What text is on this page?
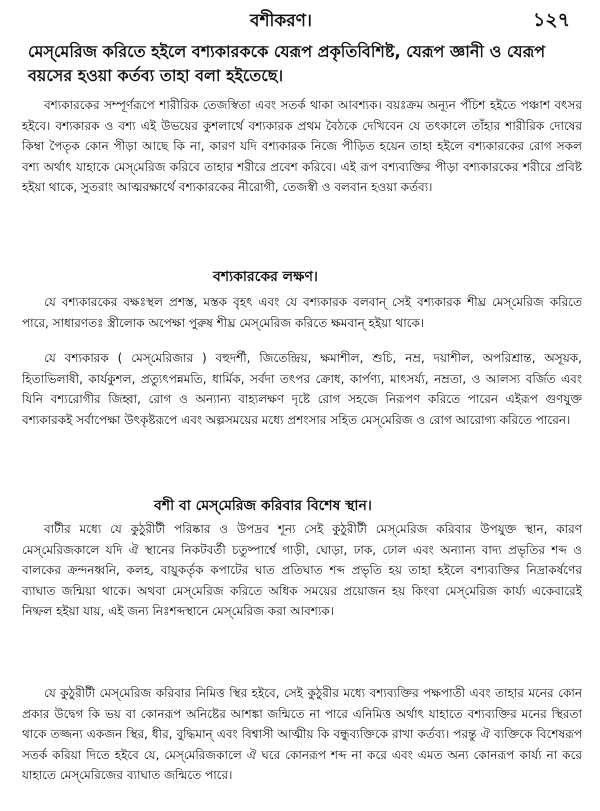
বশীকরণ।	১২৭
মেস্‌মেরিজ করিতে হইলে বশ্যকারককে যেরূপ প্রকৃতিবিশিষ্ট, যেরূপ জ্ঞানী ও যেরূপ বয়সের হওয়া কর্তব্য তাহা বলা হইতেছে।
বশ্যকারকের সম্পূর্ণরূপে শারীরিক তেজস্বিতা এবং সতর্ক থাকা আবশ্যক। বয়ঃক্রম অন্যূন পঁচিশ হইতে পঞ্চাশ বৎসর হইবে। বশ্যকারক ও বশ্য এই উভয়ের কুশলার্থে বশ্যকারক প্রথম বৈঠকে দেখিবেন যে তৎকালে তাঁহার শারীরিক দোষের কিম্বা পৈতৃক কোন পীড়া আছে কি না, কারণ যদি বশ্যকারক নিজে পীড়িত হয়েন তাহা হইলে বশ্যকারকের রোগ সকল বশ্য অর্থাৎ যাহাকে মেস্‌মেরিজ করিবে তাহার শরীরে প্রবেশ করিবে। এই রূপ বশ্যব্যক্তির পীড়া বশ্যকারকের শরীরে প্রবিষ্ট হইয়া থাকে, সুতরাং আত্মরক্ষার্থে বশ্যকারকের নীরোগী, তেজস্বী ও বলবান হওয়া কর্তব্য।
বশ্যকারকের লক্ষণ।
যে বশ্যকারকের বক্ষঃস্থল প্রশস্ত, মস্তক বৃহৎ এবং যে বশ্যকারক বলবান্‌ সেই বশ্যকারক শীঘ্র মেস্‌মেরিজ করিতে পারে, সাধারণতঃ স্ত্রীলোক অপেক্ষা পুরুষ শীঘ্র মেস্‌মেরিজ করিতে ক্ষমবান্‌ হইয়া থাকে।
যে বশ্যকারক ( মেস্‌মেরিজার ) বহুদর্শী, জিতেন্দ্রিয়, ক্ষমাশীল, শুচি, নম্র, দয়াশীল, অপরিশ্রান্ত, অসূয়ক, হিতাভিলাষী, কার্যকুশল, প্রত্যুৎপন্নমতি, ধার্মিক, সর্বদা তৎপর ক্রোধ, কার্পণ্য, মাৎসর্য্য, নম্রতা, ও আলস্য বর্জিত এবং যিনি বশ্যরোগীর জিহ্বা, রোগ ও অন্যান্য বাহ্যলক্ষণ দৃষ্টে রোগ সহজে নিরূপণ করিতে পারেন এইরূপ গুণযুক্ত বশ্যকারকই সর্বাপেক্ষা উৎকৃষ্টরূপে এবং অল্পসময়ের মধ্যে প্রশংসার সহিত মেস্‌মেরিজ ও রোগ আরোগ্য করিতে পারেন।
বশী বা মেস্‌মেরিজ করিবার বিশেষ স্থান।
বাটীর মধ্যে যে কুঠুরীটী পরিষ্কার ও উপদ্রব শূন্য সেই কুঠুরীটী মেস্‌মেরিজ করিবার উপযুক্ত স্থান, কারণ মেস্‌মেরিজকালে যদি ঐ স্থানের নিকটবর্তী চতুষ্পার্শ্বে গাড়ী, ঘোড়া, ঢাক, ঢোল এবং অন্যান্য বাদ্য প্রভৃতির শব্দ ও বালকের ক্রন্দনধ্বনি, কলহ, বায়ুকর্তৃক কপাটের ঘাত প্রতিঘাত শব্দ প্রভৃতি হয় তাহা হইলে বশ্যব্যক্তির নিদ্রাকর্ষণের ব্যাঘাত জন্মিয়া থাকে। অথবা মেস্‌মেরিজ করিতে অধিক সময়ের প্রয়োজন হয় কিংবা মেস্‌মেরিজ কার্য্য একেবারেই নিষ্ফল হইয়া যায়, এই জন্য নিঃশব্দস্থানে মেস্‌মেরিজ করা আবশ্যক।
যে কুঠুরীটী মেস্‌মেরিজ করিবার নিমিত্ত স্থির হইবে, সেই কুঠুরীর মধ্যে বশ্যব্যক্তির পক্ষপাতী এবং তাহার মনের কোন প্রকার উদ্বেগ কি ভয় বা কোনরূপ অনিষ্টের আশঙ্কা জন্মিতে না পারে এনিমিত্ত অর্থাৎ যাহাতে বশ্যব্যক্তির মনের স্থিরতা থাকে তজ্জন্য একজন স্থির, ধীর, বুদ্ধিমান্‌ এবং বিশ্বাসী আত্মীয় কি বন্ধুব্যক্তিকে রাখা কর্তব্য। পরন্তু ঐ ব্যক্তিকে বিশেষরূপ সতর্ক করিয়া দিতে হইবে যে, মেস্‌মেরিজকালে ঐ ঘরে কোনরূপ শব্দ না করে এবং এমত অন্য কোনরূপ কার্য্য না করে যাহাতে মেস্‌মেরিজের ব্যাঘাত জন্মিতে পারে।
